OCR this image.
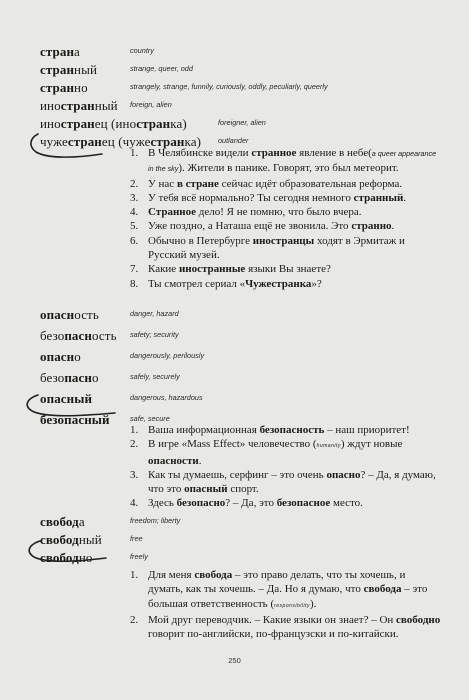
страна	country
странный	strange, queer, odd
странно	strangely, strange, funnily, curiously, oddly, peculiarly, queerly
иностранный foreign, alien
иностранец (иностранка)	foreigner, alien
чужестранец (чужестранка) outlander
1. В Челябинске видели странное явление в небе(a queer appearance in the sky). Жители в панике. Говорят, это был метеорит.
2. У нас в стране сейчас идёт образовательная реформа.
3. У тебя всё нормально? Ты сегодня немного странный.
4. Странное дело! Я не помню, что было вчера.
5. Уже поздно, а Наташа ещё не звонила. Это странно.
6. Обычно в Петербурге иностранцы ходят в Эрмитаж и Русский музей.
7. Какие иностранные языки Вы знаете?
8. Ты смотрел сериал «Чужестранка»?
опасность	danger, hazard
безопасность safety; security
опасно	dangerously, perilously
безопасно	safely, securely
опасный	dangerous, hazardous
безопасный	safe, secure
1. Ваша информационная безопасность – наш приоритет!
2. В игре «Mass Effect» человечество (humanity) ждут новые опасности.
3. Как ты думаешь, серфинг – это очень опасно? – Да, я думаю, что это опасный спорт.
4. Здесь безопасно? – Да, это безопасное место.
свобода	freedom; liberty
свободный	free
свободно	freely
1. Для меня свобода – это право делать, что ты хочешь, и думать, как ты хочешь. – Да. Но я думаю, что свобода – это большая ответственность (responsibility).
2. Мой друг переводчик. – Какие языки он знает? – Он свободно говорит по-английски, по-французски и по-китайски.
250
